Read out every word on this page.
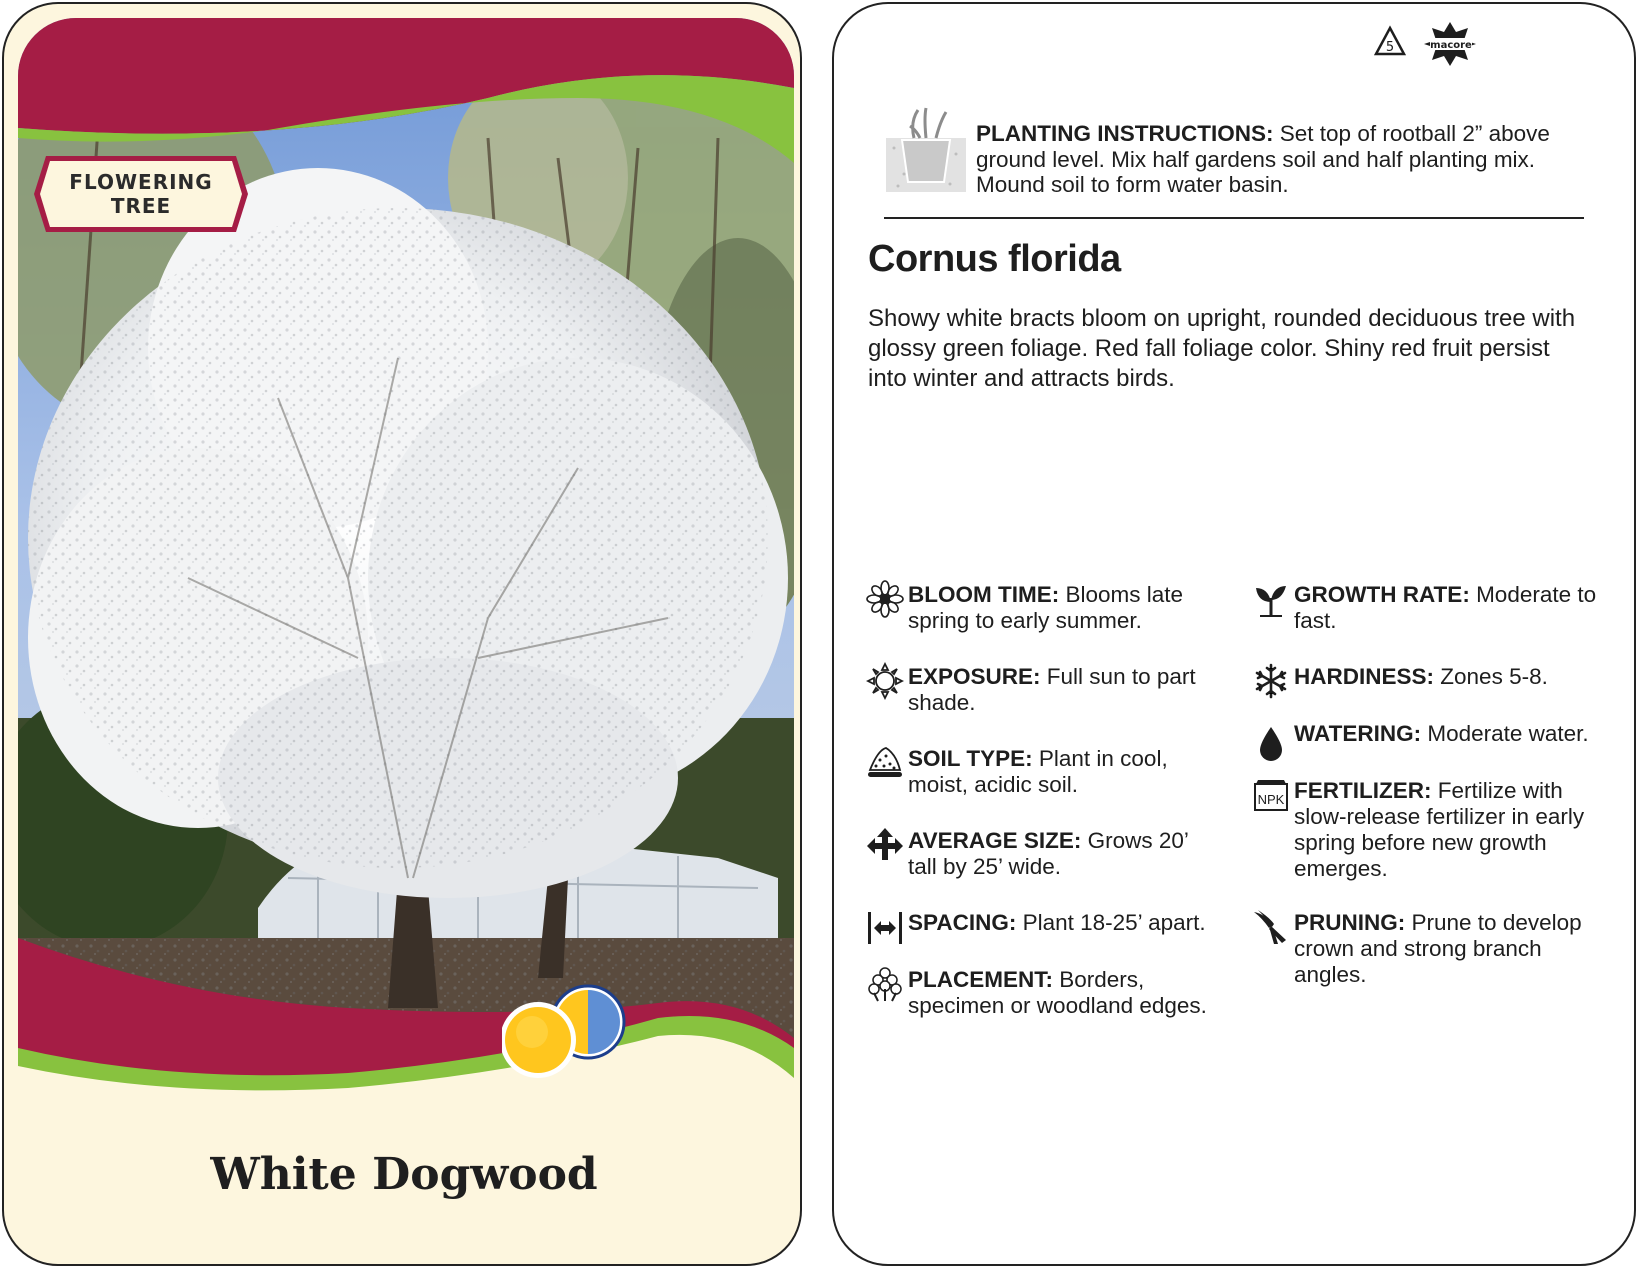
FLOWERING
TREE
White Dogwood
5	macore
PLANTING INSTRUCTIONS: Set top of rootball 2” above ground level. Mix half gardens soil and half planting mix. Mound soil to form water basin.
Cornus florida
Showy white bracts bloom on upright, rounded deciduous tree with glossy green foliage. Red fall foliage color. Shiny red fruit persist into winter and attracts birds.
BLOOM TIME: Blooms late spring to early summer.
EXPOSURE: Full sun to part shade.
SOIL TYPE: Plant in cool, moist, acidic soil.
AVERAGE SIZE: Grows 20’ tall by 25’ wide.
SPACING: Plant 18-25’ apart.
PLACEMENT: Borders, specimen or woodland edges.
GROWTH RATE: Moderate to fast.
HARDINESS: Zones 5-8.
WATERING: Moderate water.
NPK FERTILIZER: Fertilize with slow-release fertilizer in early spring before new growth emerges.
PRUNING: Prune to develop crown and strong branch angles.
